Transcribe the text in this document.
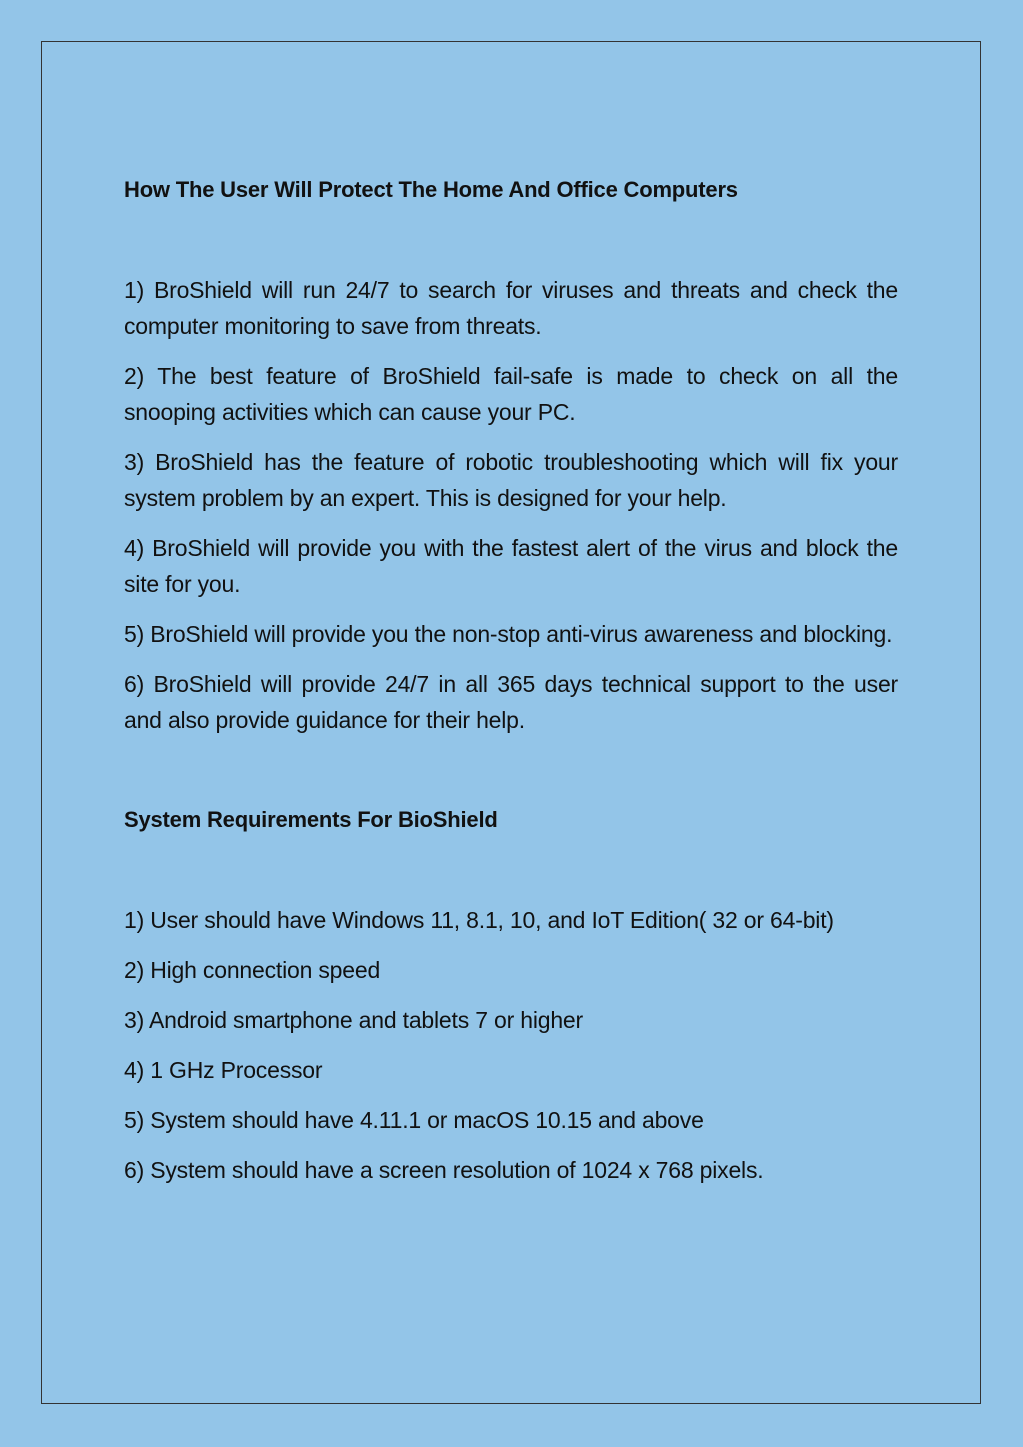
How The User Will Protect The Home And Office Computers

1) BroShield will run 24/7 to search for viruses and threats and check the computer monitoring to save from threats.

2) The best feature of BroShield fail-safe is made to check on all the snooping activities which can cause your PC.

3) BroShield has the feature of robotic troubleshooting which will fix your system problem by an expert. This is designed for your help.

4) BroShield will provide you with the fastest alert of the virus and block the site for you.

5) BroShield will provide you the non-stop anti-virus awareness and blocking.

6) BroShield will provide 24/7 in all 365 days technical support to the user and also provide guidance for their help.

System Requirements For BioShield

1) User should have Windows 11, 8.1, 10, and IoT Edition( 32 or 64-bit)

2) High connection speed

3) Android smartphone and tablets 7 or higher

4) 1 GHz Processor

5) System should have 4.11.1 or macOS 10.15 and above

6) System should have a screen resolution of 1024 x 768 pixels.
